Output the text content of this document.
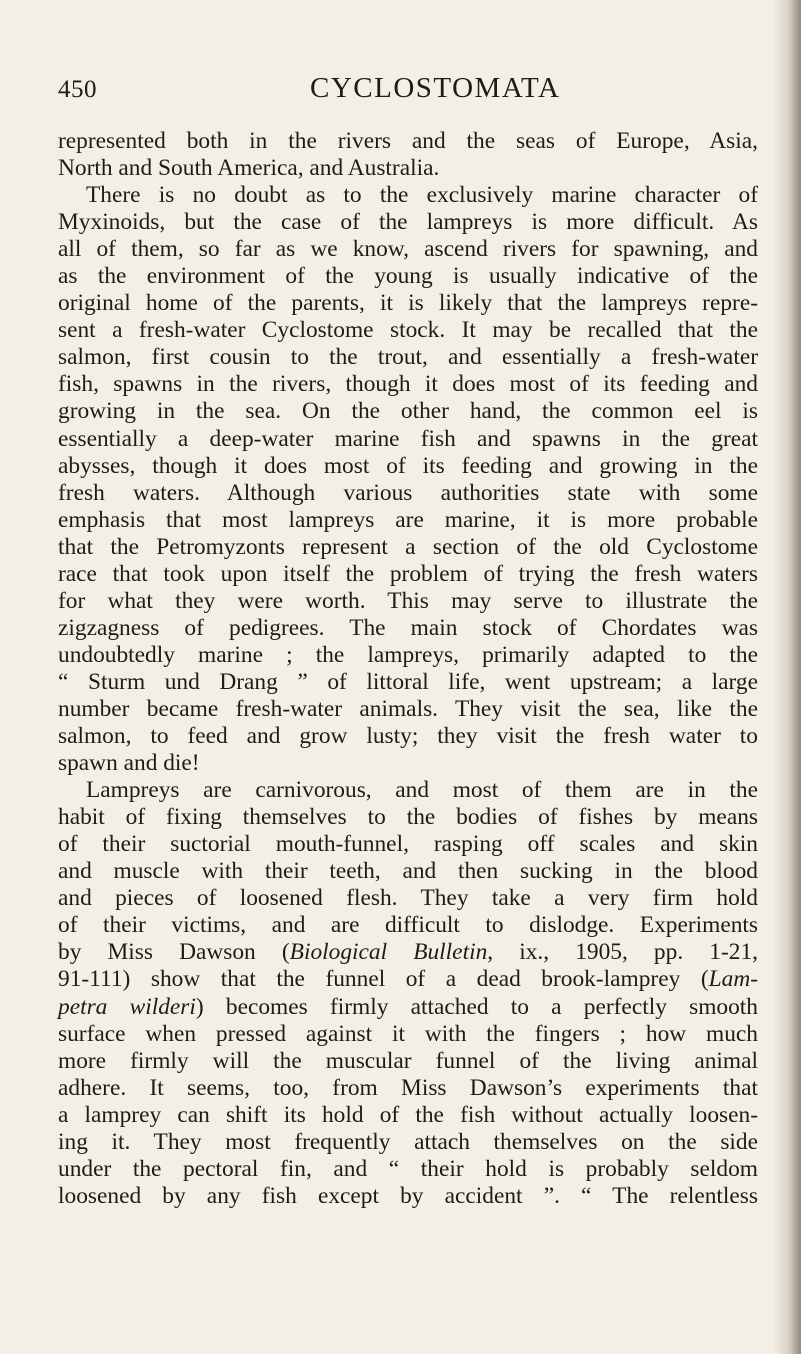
450	CYCLOSTOMATA
represented both in the rivers and the seas of Europe, Asia,
North and South America, and Australia.
There is no doubt as to the exclusively marine character of
Myxinoids, but the case of the lampreys is more difficult. As
all of them, so far as we know, ascend rivers for spawning, and
as the environment of the young is usually indicative of the
original home of the parents, it is likely that the lampreys repre-
sent a fresh-water Cyclostome stock. It may be recalled that the
salmon, first cousin to the trout, and essentially a fresh-water
fish, spawns in the rivers, though it does most of its feeding and
growing in the sea. On the other hand, the common eel is
essentially a deep-water marine fish and spawns in the great
abysses, though it does most of its feeding and growing in the
fresh waters. Although various authorities state with some
emphasis that most lampreys are marine, it is more probable
that the Petromyzonts represent a section of the old Cyclostome
race that took upon itself the problem of trying the fresh waters
for what they were worth. This may serve to illustrate the
zigzagness of pedigrees. The main stock of Chordates was
undoubtedly marine ; the lampreys, primarily adapted to the
“ Sturm und Drang ” of littoral life, went upstream; a large
number became fresh-water animals. They visit the sea, like the
salmon, to feed and grow lusty; they visit the fresh water to
spawn and die!
Lampreys are carnivorous, and most of them are in the
habit of fixing themselves to the bodies of fishes by means
of their suctorial mouth-funnel, rasping off scales and skin
and muscle with their teeth, and then sucking in the blood
and pieces of loosened flesh. They take a very firm hold
of their victims, and are difficult to dislodge. Experiments
by Miss Dawson (Biological Bulletin, ix., 1905, pp. 1-21,
91-111) show that the funnel of a dead brook-lamprey (Lam-
petra wilderi) becomes firmly attached to a perfectly smooth
surface when pressed against it with the fingers ; how much
more firmly will the muscular funnel of the living animal
adhere. It seems, too, from Miss Dawson’s experiments that
a lamprey can shift its hold of the fish without actually loosen-
ing it. They most frequently attach themselves on the side
under the pectoral fin, and “ their hold is probably seldom
loosened by any fish except by accident ”. “ The relentless
